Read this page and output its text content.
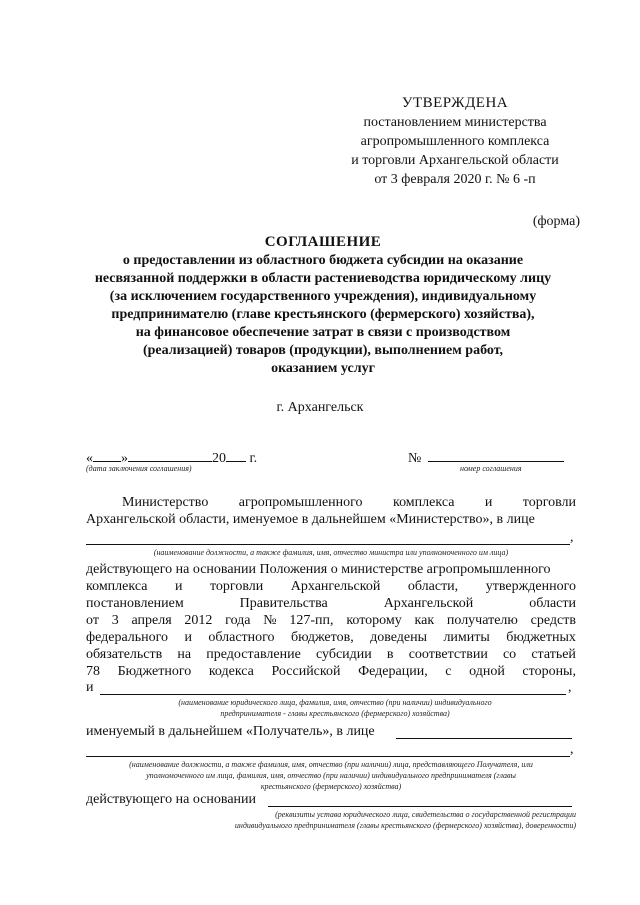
УТВЕРЖДЕНА
постановлением министерства
агропромышленного комплекса
и торговли Архангельской области
от 3 февраля 2020 г. № 6 -п
(форма)
СОГЛАШЕНИЕ
о предоставлении из областного бюджета субсидии на оказание
несвязанной поддержки в области растениеводства юридическому лицу
(за исключением государственного учреждения), индивидуальному
предпринимателю (главе крестьянского (фермерского) хозяйства),
на финансовое обеспечение затрат в связи с производством
(реализацией) товаров (продукции), выполнением работ,
оказанием услуг
г. Архангельск
« »	20 г.
(дата заключения соглашения)
№
номер соглашения
Министерство агропромышленного комплекса и торговли
Архангельской области, именуемое в дальнейшем «Министерство», в лице
,
(наименование должности, а также фамилия, имя, отчество министра или уполномоченного им лица)
действующего на основании Положения о министерстве агропромышленного
комплекса и торговли Архангельской области, утвержденного
постановлением	Правительства	Архангельской	области
от 3 апреля 2012 года № 127-пп, которому как получателю средств
федерального и областного бюджетов, доведены лимиты бюджетных
обязательств на предоставление субсидии в соответствии со статьей
78 Бюджетного кодекса Российской Федерации, с одной стороны,
и	,
(наименование юридического лица, фамилия, имя, отчество (при наличии) индивидуального
предпринимателя - главы крестьянского (фермерского) хозяйства)
именуемый в дальнейшем «Получатель», в лице
,
(наименование должности, а также фамилия, имя, отчество (при наличии) лица, представляющего Получателя, или
уполномоченного им лица, фамилия, имя, отчество (при наличии) индивидуального предпринимателя (главы
крестьянского (фермерского) хозяйства)
действующего на основании
(реквизиты устава юридического лица, свидетельства о государственной регистрации
индивидуального предпринимателя (главы крестьянского (фермерского) хозяйства), доверенности)
